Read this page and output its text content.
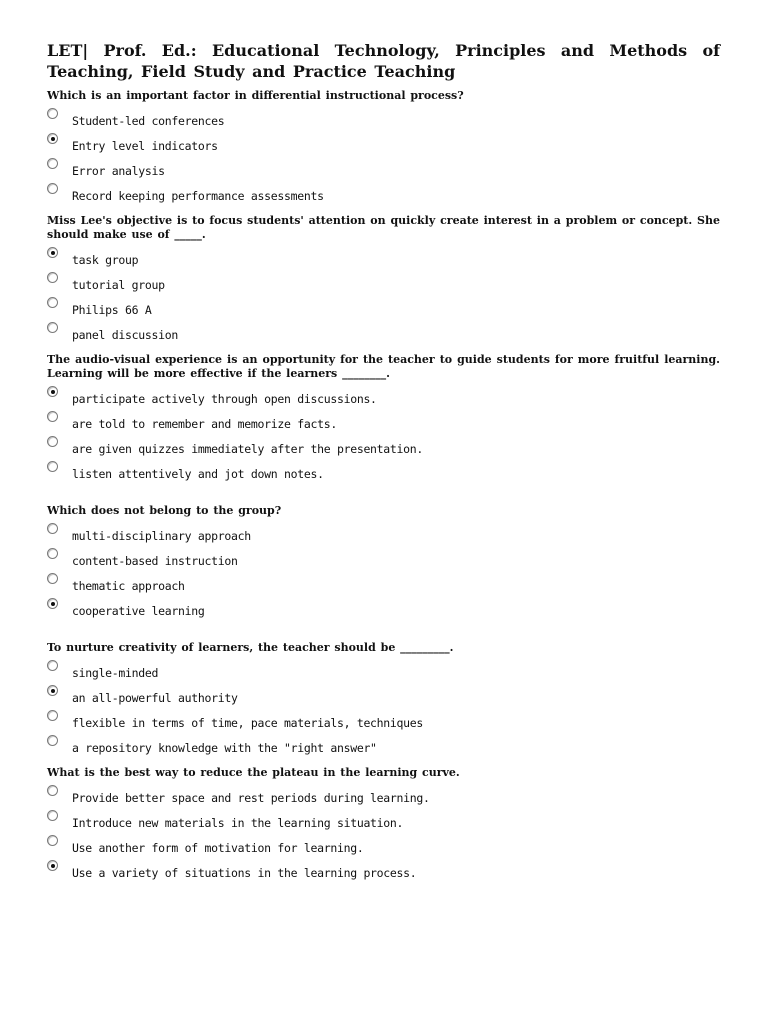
LET| Prof. Ed.: Educational Technology, Principles and Methods of Teaching, Field Study and Practice Teaching

Which is an important factor in differential instructional process?

Student-led conferences
Entry level indicators
Error analysis
Record keeping performance assessments

Miss Lee's objective is to focus students' attention on quickly create interest in a problem or concept. She should make use of _____.

task group
tutorial group
Philips 66 A
panel discussion

The audio-visual experience is an opportunity for the teacher to guide students for more fruitful learning. Learning will be more effective if the learners ________.

participate actively through open discussions.
are told to remember and memorize facts.
are given quizzes immediately after the presentation.
listen attentively and jot down notes.

Which does not belong to the group?

multi-disciplinary approach
content-based instruction
thematic approach
cooperative learning

To nurture creativity of learners, the teacher should be _________.

single-minded
an all-powerful authority
flexible in terms of time, pace materials, techniques
a repository knowledge with the "right answer"

What is the best way to reduce the plateau in the learning curve.

Provide better space and rest periods during learning.
Introduce new materials in the learning situation.
Use another form of motivation for learning.
Use a variety of situations in the learning process.
